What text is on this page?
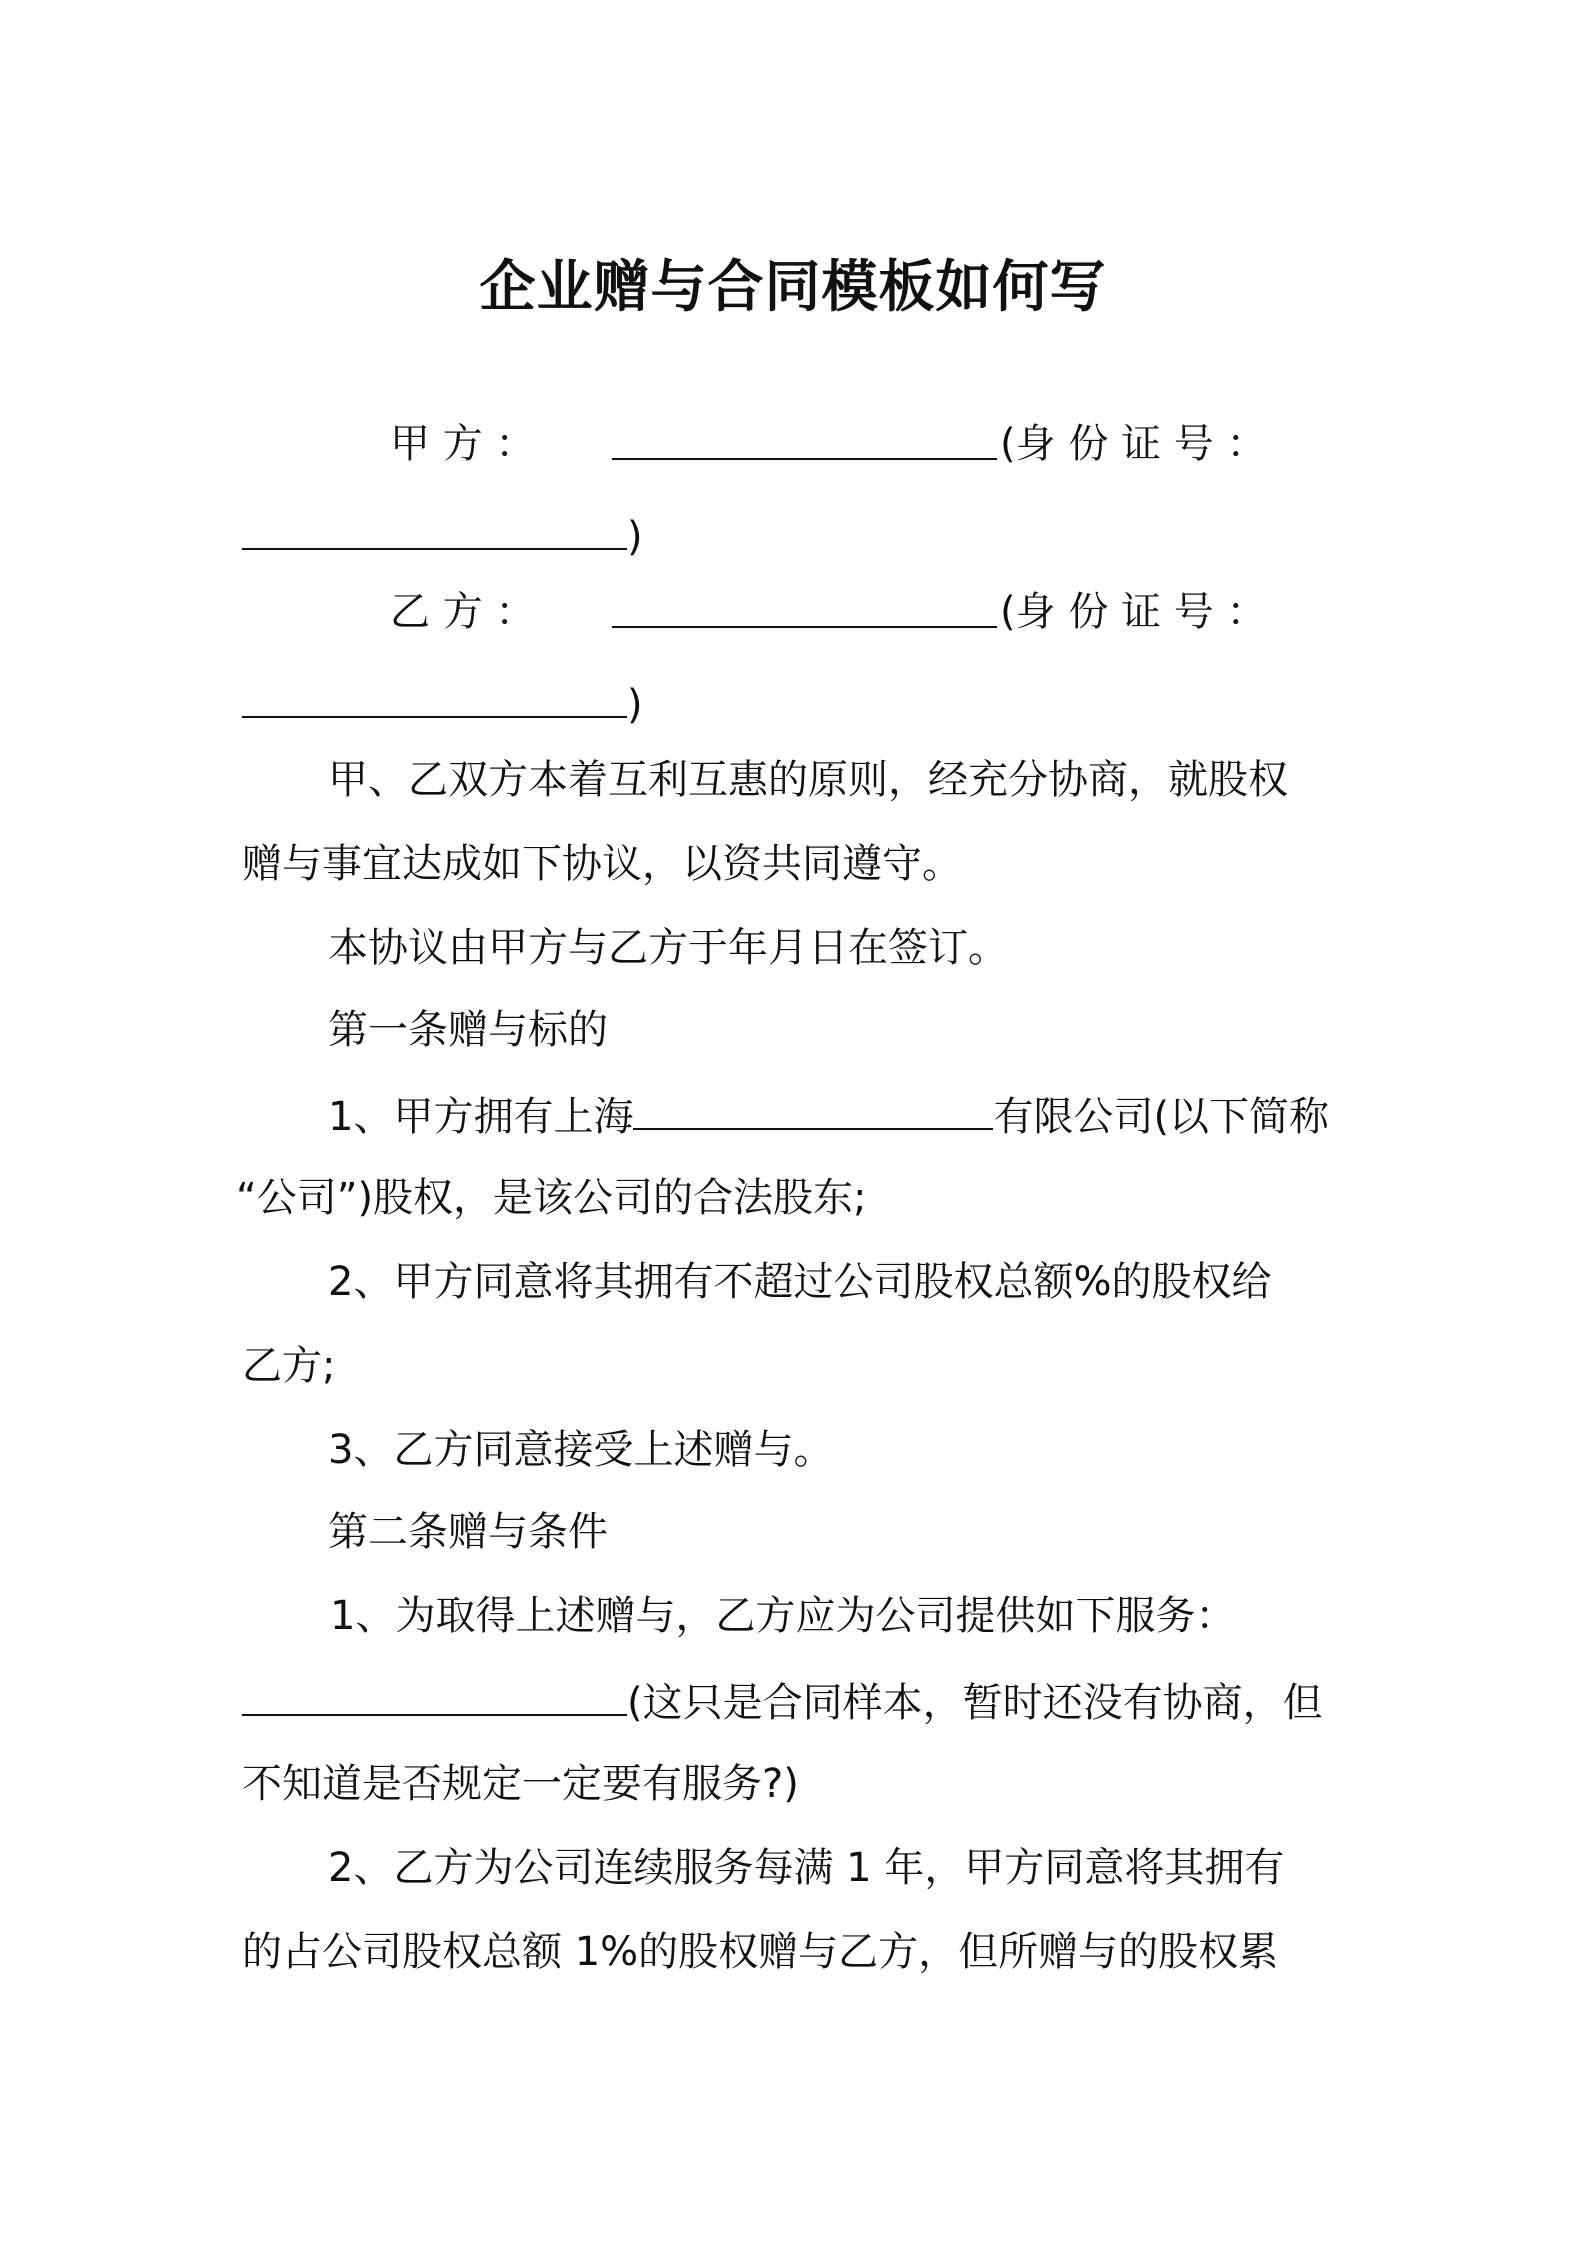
企业赠与合同模板如何写
甲 方 ：	(身 份 证 号 ：
)
乙 方 ：	(身 份 证 号 ：
)
甲、乙双方本着互利互惠的原则，经充分协商，就股权
赠与事宜达成如下协议，以资共同遵守。
本协议由甲方与乙方于年月日在签订。
第一条赠与标的
1、甲方拥有上海	有限公司(以下简称
“公司”)股权，是该公司的合法股东;
2、甲方同意将其拥有不超过公司股权总额%的股权给
乙方;
3、乙方同意接受上述赠与。
第二条赠与条件
1、为取得上述赠与，乙方应为公司提供如下服务：
(这只是合同样本，暂时还没有协商，但
不知道是否规定一定要有服务?)
2、乙方为公司连续服务每满 1 年，甲方同意将其拥有
的占公司股权总额 1%的股权赠与乙方，但所赠与的股权累
